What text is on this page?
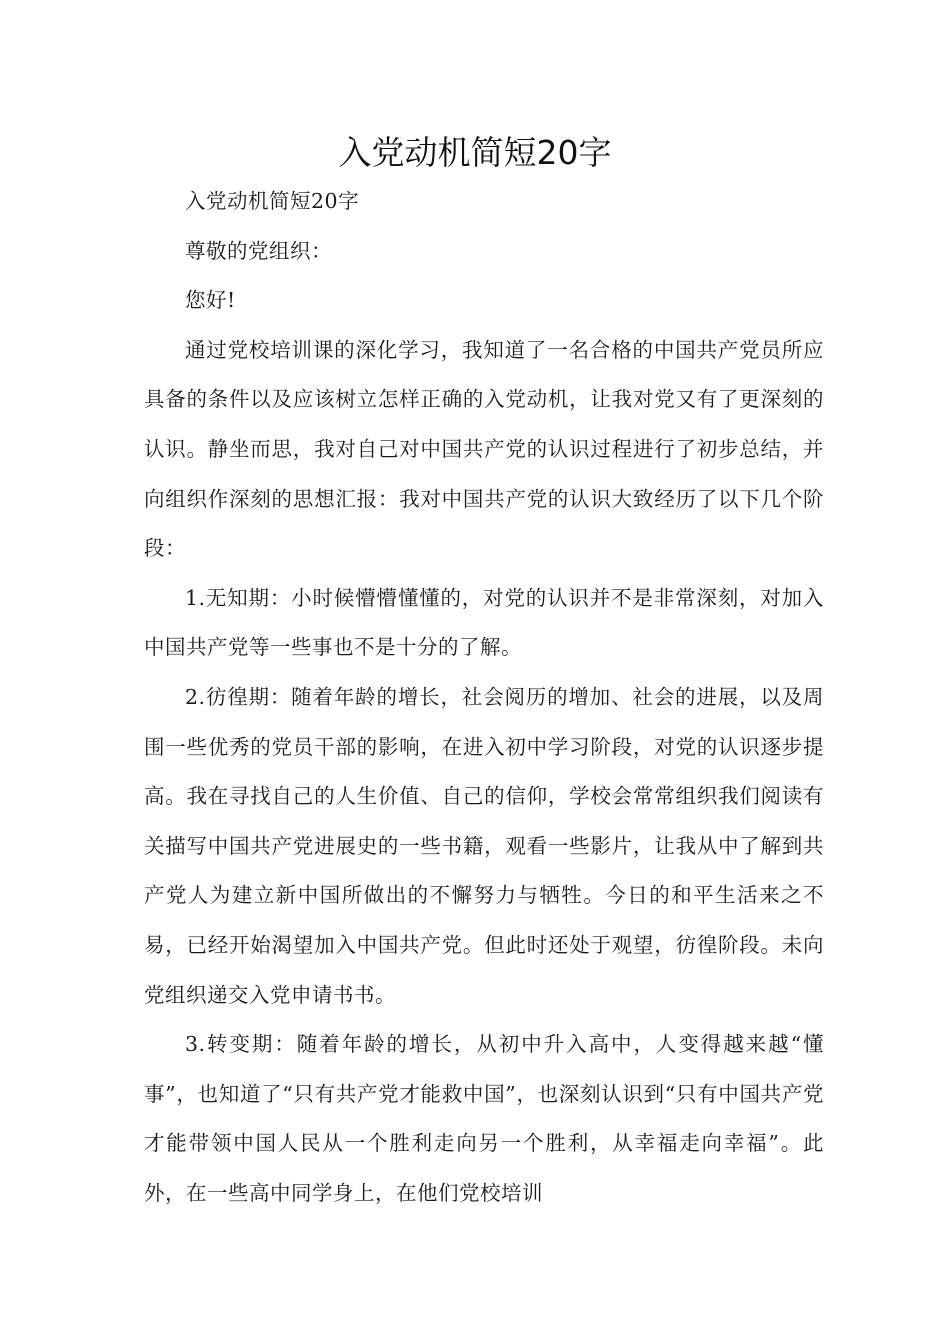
入党动机简短20字

入党动机简短20字

尊敬的党组织：

您好!

通过党校培训课的深化学习，我知道了一名合格的中国共产党员所应具备的条件以及应该树立怎样正确的入党动机，让我对党又有了更深刻的认识。静坐而思，我对自己对中国共产党的认识过程进行了初步总结，并向组织作深刻的思想汇报：我对中国共产党的认识大致经历了以下几个阶段：

1.无知期：小时候懵懵懂懂的，对党的认识并不是非常深刻，对加入中国共产党等一些事也不是十分的了解。

2.彷徨期：随着年龄的增长，社会阅历的增加、社会的进展，以及周围一些优秀的党员干部的影响，在进入初中学习阶段，对党的认识逐步提高。我在寻找自己的人生价值、自己的信仰，学校会常常组织我们阅读有关描写中国共产党进展史的一些书籍，观看一些影片，让我从中了解到共产党人为建立新中国所做出的不懈努力与牺牲。今日的和平生活来之不易，已经开始渴望加入中国共产党。但此时还处于观望，彷徨阶段。未向党组织递交入党申请书书。

3.转变期：随着年龄的增长，从初中升入高中，人变得越来越“懂事”，也知道了“只有共产党才能救中国”，也深刻认识到“只有中国共产党才能带领中国人民从一个胜利走向另一个胜利，从幸福走向幸福”。此外，在一些高中同学身上，在他们党校培训
